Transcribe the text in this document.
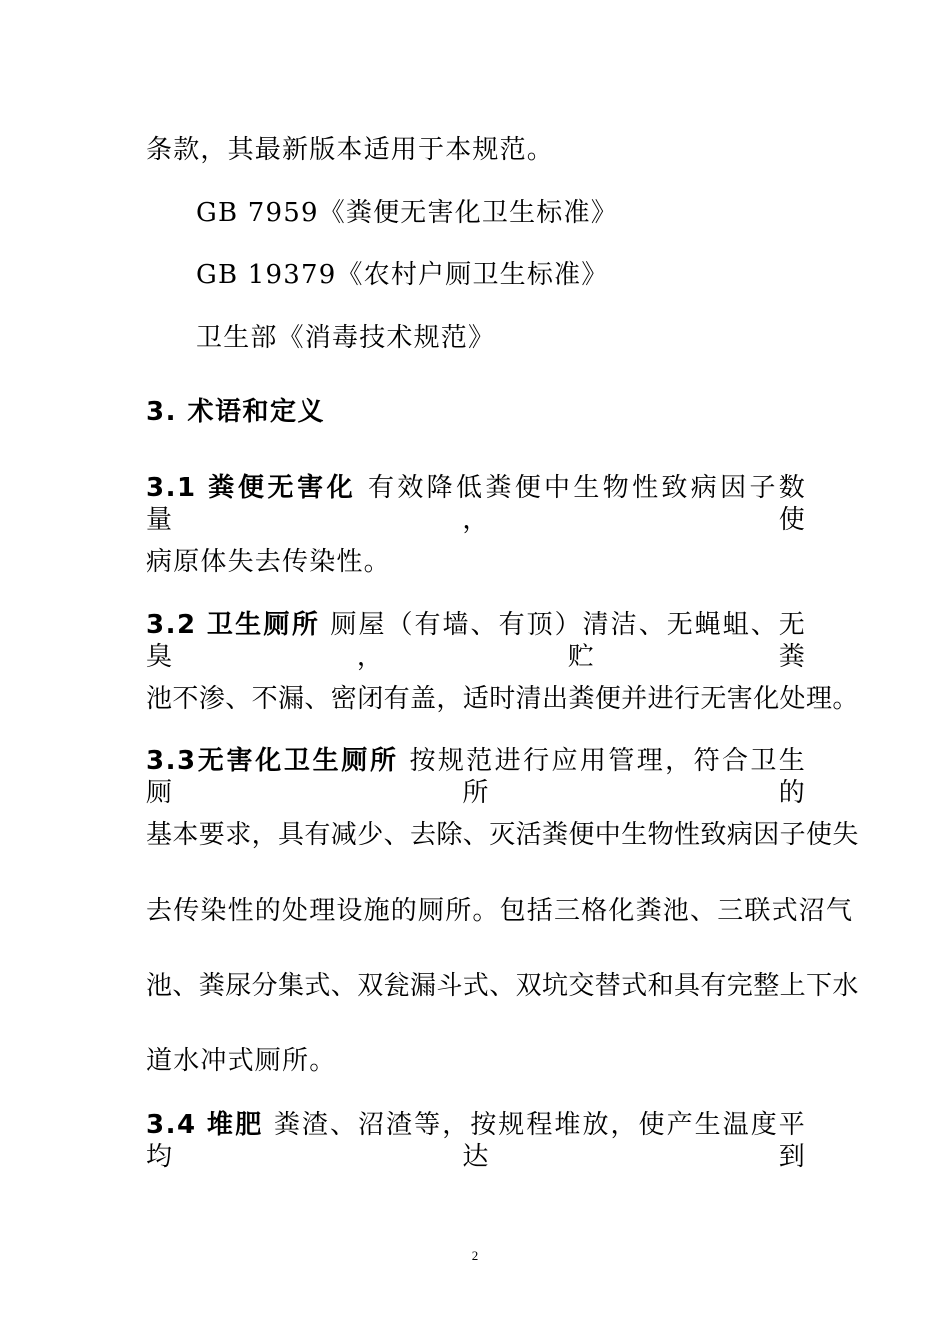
条款，其最新版本适用于本规范。
GB 7959《粪便无害化卫生标准》
GB 19379《农村户厕卫生标准》
卫生部《消毒技术规范》
3. 术语和定义
3.1 粪便无害化 有效降低粪便中生物性致病因子数量，使
病原体失去传染性。
3.2 卫生厕所 厕屋（有墙、有顶）清洁、无蝇蛆、无臭，贮粪
池不渗、不漏、密闭有盖，适时清出粪便并进行无害化处理。
3.3无害化卫生厕所 按规范进行应用管理，符合卫生厕所的
基本要求，具有减少、去除、灭活粪便中生物性致病因子使失
去传染性的处理设施的厕所。包括三格化粪池、三联式沼气
池、粪尿分集式、双瓮漏斗式、双坑交替式和具有完整上下水
道水冲式厕所。
3.4 堆肥 粪渣、沼渣等，按规程堆放，使产生温度平均达到
2
